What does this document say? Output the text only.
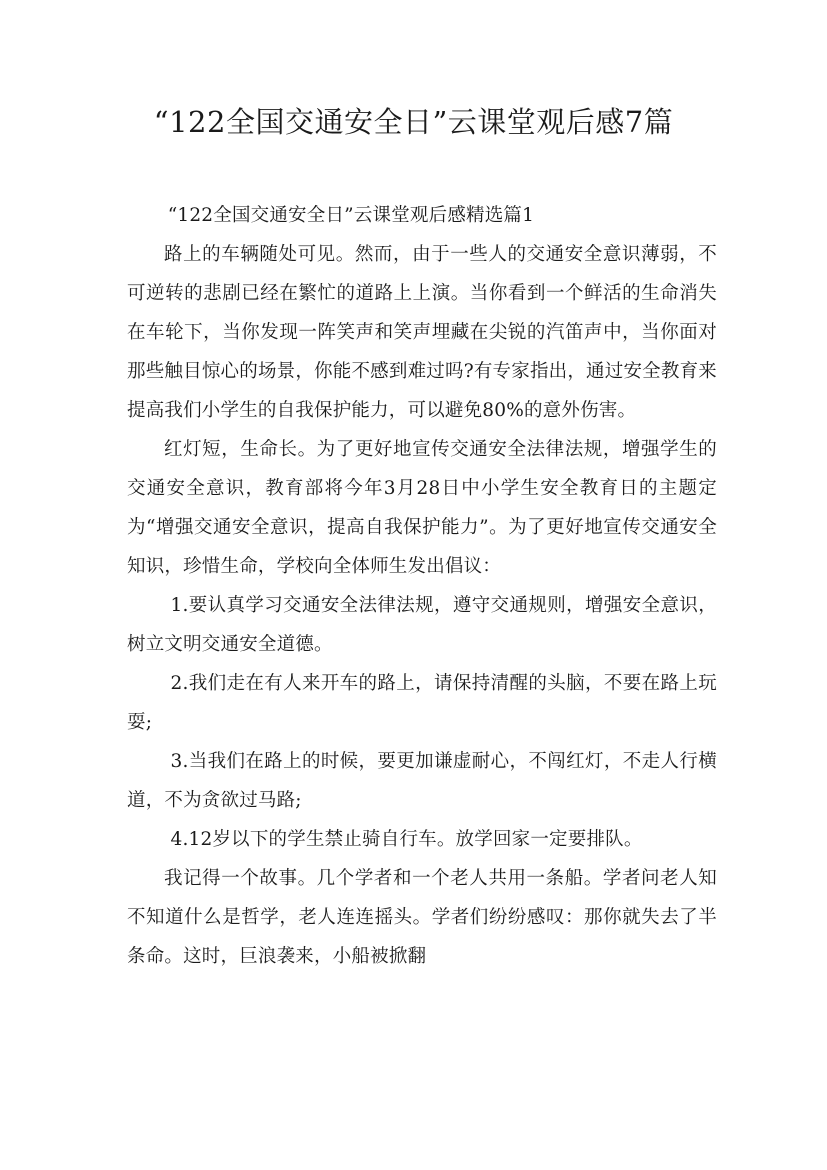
“122全国交通安全日”云课堂观后感7篇

“122全国交通安全日”云课堂观后感精选篇1

路上的车辆随处可见。然而，由于一些人的交通安全意识薄弱，不可逆转的悲剧已经在繁忙的道路上上演。当你看到一个鲜活的生命消失在车轮下，当你发现一阵笑声和笑声埋藏在尖锐的汽笛声中，当你面对那些触目惊心的场景，你能不感到难过吗?有专家指出，通过安全教育来提高我们小学生的自我保护能力，可以避免80%的意外伤害。

红灯短，生命长。为了更好地宣传交通安全法律法规，增强学生的交通安全意识，教育部将今年3月28日中小学生安全教育日的主题定为“增强交通安全意识，提高自我保护能力”。为了更好地宣传交通安全知识，珍惜生命，学校向全体师生发出倡议：

1.要认真学习交通安全法律法规，遵守交通规则，增强安全意识，树立文明交通安全道德。

2.我们走在有人来开车的路上，请保持清醒的头脑，不要在路上玩耍;

3.当我们在路上的时候，要更加谦虚耐心，不闯红灯，不走人行横道，不为贪欲过马路;

4.12岁以下的学生禁止骑自行车。放学回家一定要排队。

我记得一个故事。几个学者和一个老人共用一条船。学者问老人知不知道什么是哲学，老人连连摇头。学者们纷纷感叹：那你就失去了半条命。这时，巨浪袭来，小船被掀翻
